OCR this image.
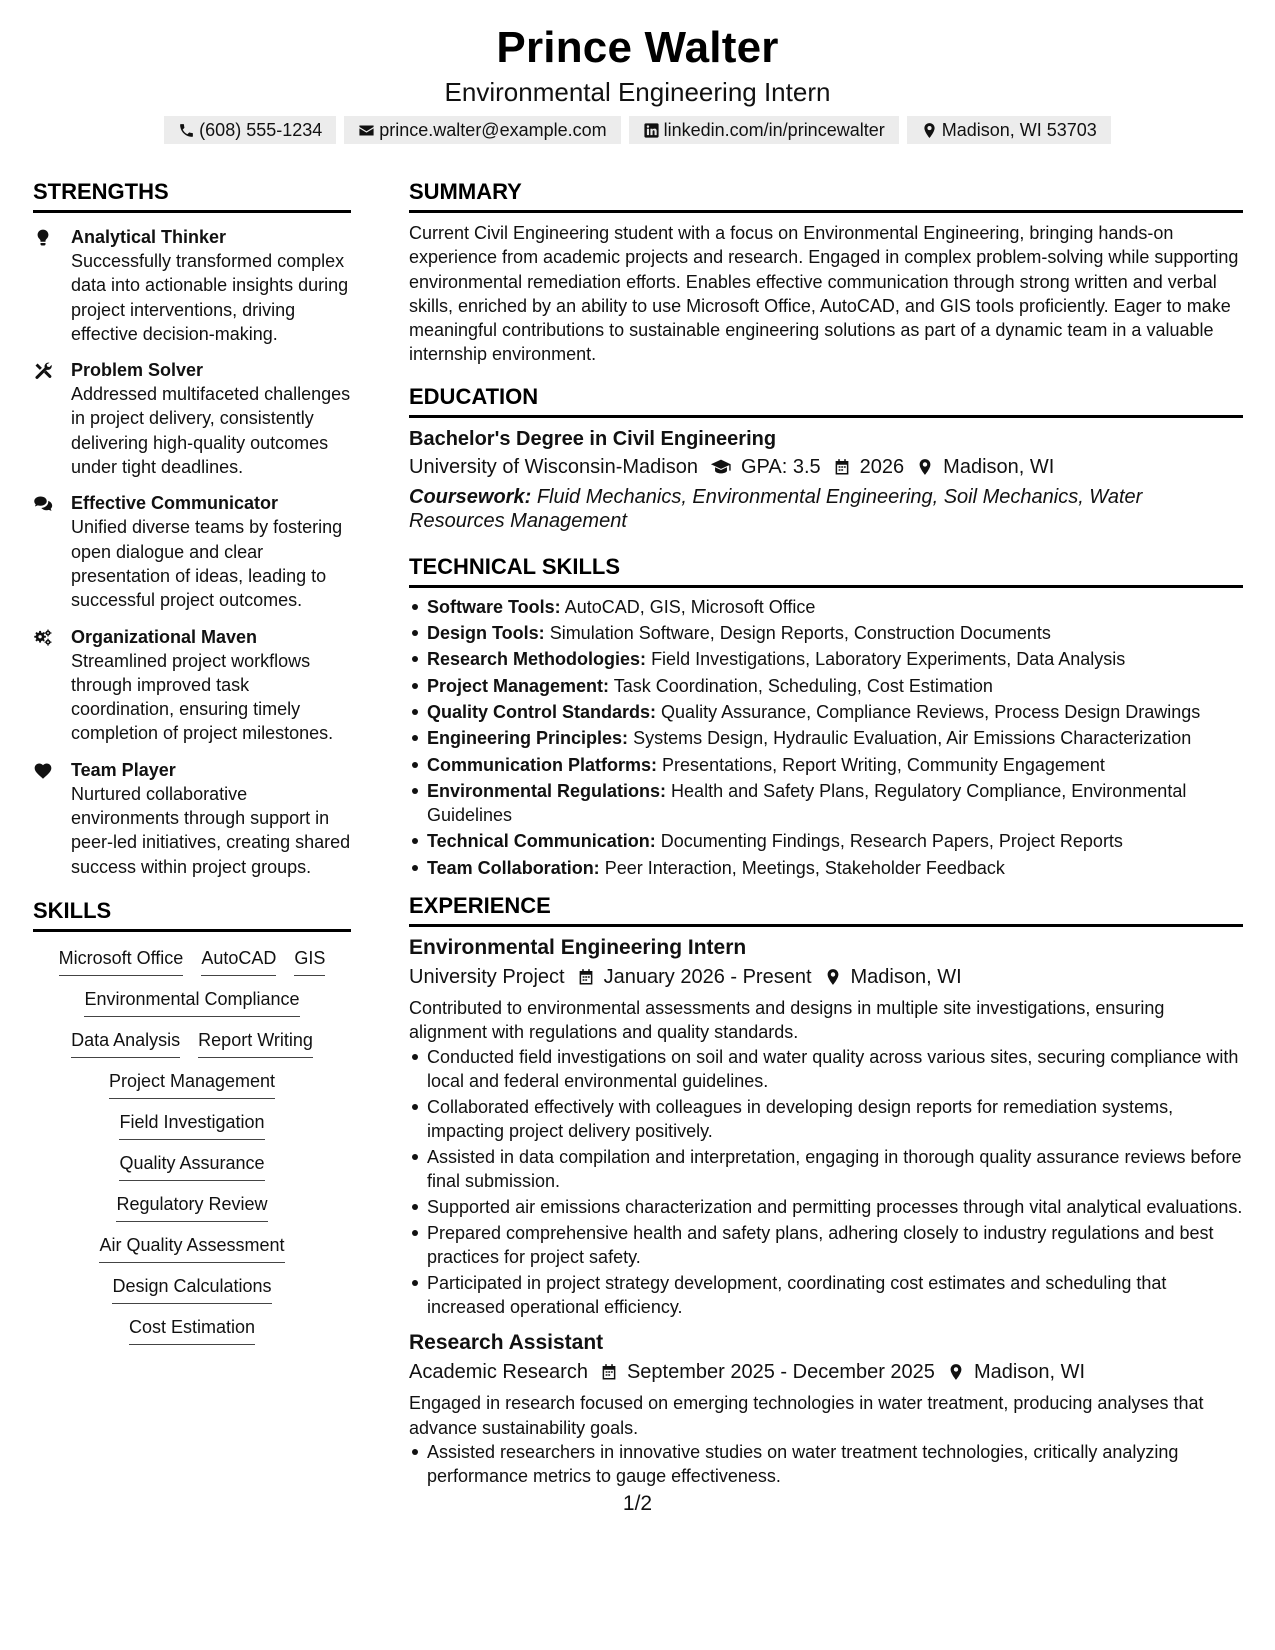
Prince Walter
Environmental Engineering Intern
(608) 555-1234	prince.walter@example.com	linkedin.com/in/princewalter	Madison, WI 53703
STRENGTHS
Analytical Thinker
Successfully transformed complex data into actionable insights during project interventions, driving effective decision-making.
Problem Solver
Addressed multifaceted challenges in project delivery, consistently delivering high-quality outcomes under tight deadlines.
Effective Communicator
Unified diverse teams by fostering open dialogue and clear presentation of ideas, leading to successful project outcomes.
Organizational Maven
Streamlined project workflows through improved task coordination, ensuring timely completion of project milestones.
Team Player
Nurtured collaborative environments through support in peer-led initiatives, creating shared success within project groups.
SKILLS
Microsoft Office AutoCAD GIS
Environmental Compliance
Data Analysis Report Writing
Project Management
Field Investigation
Quality Assurance
Regulatory Review
Air Quality Assessment
Design Calculations
Cost Estimation
SUMMARY
Current Civil Engineering student with a focus on Environmental Engineering, bringing hands-on experience from academic projects and research. Engaged in complex problem-solving while supporting environmental remediation efforts. Enables effective communication through strong written and verbal skills, enriched by an ability to use Microsoft Office, AutoCAD, and GIS tools proficiently. Eager to make meaningful contributions to sustainable engineering solutions as part of a dynamic team in a valuable internship environment.
EDUCATION
Bachelor's Degree in Civil Engineering
University of Wisconsin-Madison GPA: 3.5 2026 Madison, WI
Coursework: Fluid Mechanics, Environmental Engineering, Soil Mechanics, Water Resources Management
TECHNICAL SKILLS
Software Tools: AutoCAD, GIS, Microsoft Office
Design Tools: Simulation Software, Design Reports, Construction Documents
Research Methodologies: Field Investigations, Laboratory Experiments, Data Analysis
Project Management: Task Coordination, Scheduling, Cost Estimation
Quality Control Standards: Quality Assurance, Compliance Reviews, Process Design Drawings
Engineering Principles: Systems Design, Hydraulic Evaluation, Air Emissions Characterization
Communication Platforms: Presentations, Report Writing, Community Engagement
Environmental Regulations: Health and Safety Plans, Regulatory Compliance, Environmental Guidelines
Technical Communication: Documenting Findings, Research Papers, Project Reports
Team Collaboration: Peer Interaction, Meetings, Stakeholder Feedback
EXPERIENCE
Environmental Engineering Intern
University Project January 2026 - Present Madison, WI
Contributed to environmental assessments and designs in multiple site investigations, ensuring alignment with regulations and quality standards.
Conducted field investigations on soil and water quality across various sites, securing compliance with local and federal environmental guidelines.
Collaborated effectively with colleagues in developing design reports for remediation systems, impacting project delivery positively.
Assisted in data compilation and interpretation, engaging in thorough quality assurance reviews before final submission.
Supported air emissions characterization and permitting processes through vital analytical evaluations.
Prepared comprehensive health and safety plans, adhering closely to industry regulations and best practices for project safety.
Participated in project strategy development, coordinating cost estimates and scheduling that increased operational efficiency.
Research Assistant
Academic Research September 2025 - December 2025 Madison, WI
Engaged in research focused on emerging technologies in water treatment, producing analyses that advance sustainability goals.
Assisted researchers in innovative studies on water treatment technologies, critically analyzing performance metrics to gauge effectiveness.
1/2
